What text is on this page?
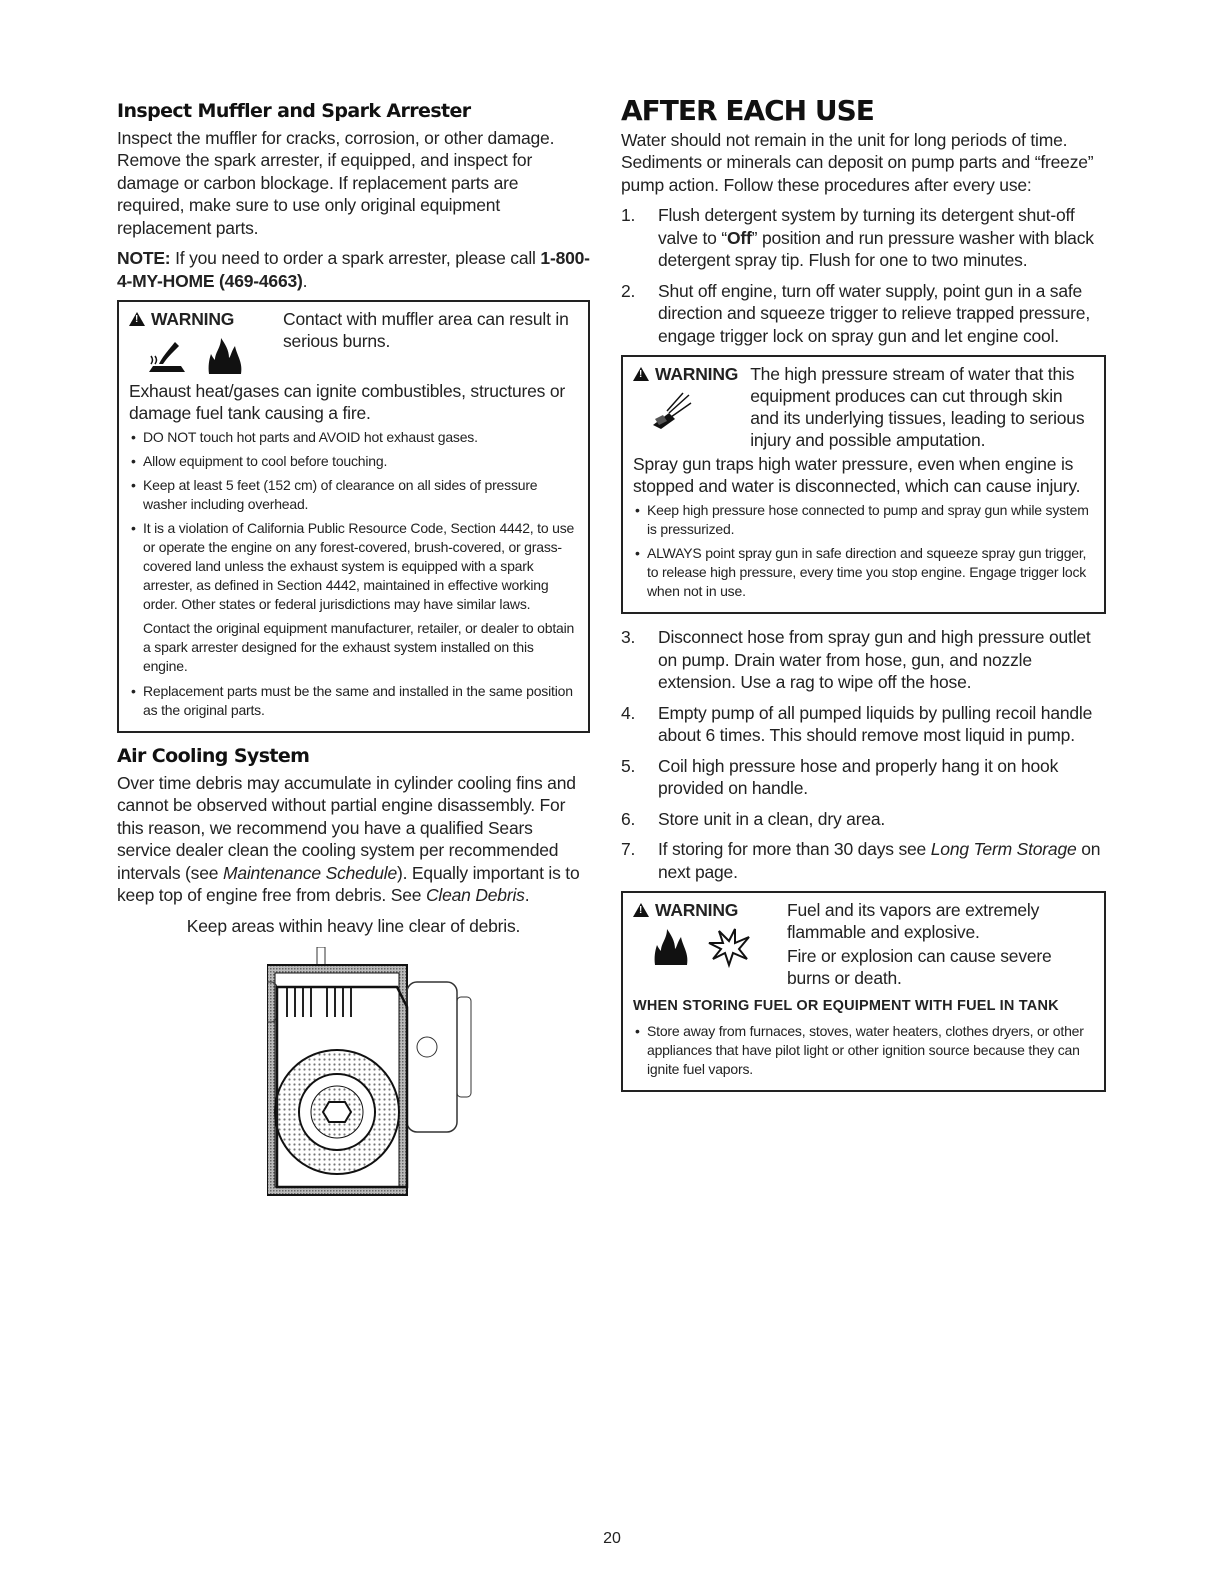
Inspect Muffler and Spark Arrester

Inspect the muffler for cracks, corrosion, or other damage. Remove the spark arrester, if equipped, and inspect for damage or carbon blockage. If replacement parts are required, make sure to use only original equipment replacement parts.

NOTE: If you need to order a spark arrester, please call 1-800-4-MY-HOME (469-4663).

!
WARNING	Contact with muffler area can result in serious burns.
Exhaust heat/gases can ignite combustibles, structures or damage fuel tank causing a fire.
• DO NOT touch hot parts and AVOID hot exhaust gases.
• Allow equipment to cool before touching.
• Keep at least 5 feet (152 cm) of clearance on all sides of pressure washer including overhead.
• It is a violation of California Public Resource Code, Section 4442, to use or operate the engine on any forest-covered, brush-covered, or grass-covered land unless the exhaust system is equipped with a spark arrester, as defined in Section 4442, maintained in effective working order. Other states or federal jurisdictions may have similar laws.

Contact the original equipment manufacturer, retailer, or dealer to obtain a spark arrester designed for the exhaust system installed on this engine.

• Replacement parts must be the same and installed in the same position as the original parts.
Air Cooling System

Over time debris may accumulate in cylinder cooling fins and cannot be observed without partial engine disassembly. For this reason, we recommend you have a qualified Sears service dealer clean the cooling system per recommended intervals (see Maintenance Schedule). Equally important is to keep top of engine free from debris. See Clean Debris.

Keep areas within heavy line clear of debris.

AFTER EACH USE

Water should not remain in the unit for long periods of time. Sediments or minerals can deposit on pump parts and “freeze” pump action. Follow these procedures after every use:

1. Flush detergent system by turning its detergent shut-off valve to “Off” position and run pressure washer with black detergent spray tip. Flush for one to two minutes.
2. Shut off engine, turn off water supply, point gun in a safe direction and squeeze trigger to relieve trapped pressure, engage trigger lock on spray gun and let engine cool.
!
WARNING The high pressure stream of water that this equipment produces can cut through skin and its underlying tissues, leading to serious injury and possible amputation.
Spray gun traps high water pressure, even when engine is stopped and water is disconnected, which can cause injury.
• Keep high pressure hose connected to pump and spray gun while system is pressurized.
• ALWAYS point spray gun in safe direction and squeeze spray gun trigger, to release high pressure, every time you stop engine. Engage trigger lock when not in use.
3. Disconnect hose from spray gun and high pressure outlet on pump. Drain water from hose, gun, and nozzle extension. Use a rag to wipe off the hose.
4. Empty pump of all pumped liquids by pulling recoil handle about 6 times. This should remove most liquid in pump.
5. Coil high pressure hose and properly hang it on hook provided on handle.
6. Store unit in a clean, dry area.
7. If storing for more than 30 days see Long Term Storage on next page.
!
WARNING	Fuel and its vapors are extremely flammable and explosive.
Fire or explosion can cause severe burns or death.
WHEN STORING FUEL OR EQUIPMENT WITH FUEL IN TANK
• Store away from furnaces, stoves, water heaters, clothes dryers, or other appliances that have pilot light or other ignition source because they can ignite fuel vapors.
20
